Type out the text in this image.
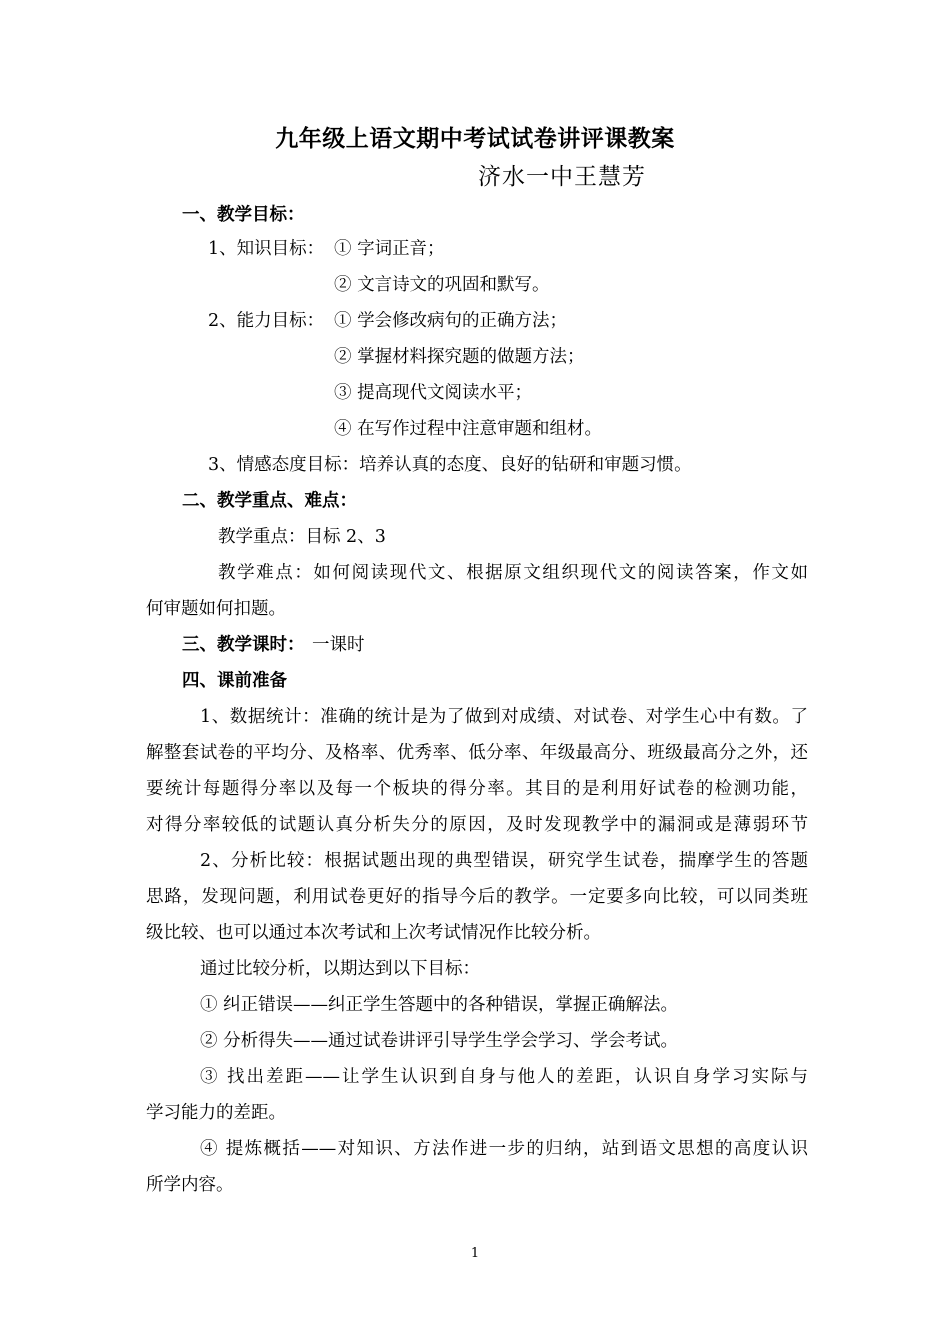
九年级上语文期中考试试卷讲评课教案
济水一中王慧芳
一、教学目标：
1、知识目标： ① 字词正音；
② 文言诗文的巩固和默写。
2、能力目标： ① 学会修改病句的正确方法；
② 掌握材料探究题的做题方法；
③ 提高现代文阅读水平；
④ 在写作过程中注意审题和组材。
3、情感态度目标：培养认真的态度、良好的钻研和审题习惯。
二、教学重点、难点：
教学重点：目标 2、3
教学难点：如何阅读现代文、根据原文组织现代文的阅读答案，作文如
何审题如何扣题。
三、教学课时： 一课时
四、课前准备
1、数据统计：准确的统计是为了做到对成绩、对试卷、对学生心中有数。了
解整套试卷的平均分、及格率、优秀率、低分率、年级最高分、班级最高分之外，还
要统计每题得分率以及每一个板块的得分率。其目的是利用好试卷的检测功能，
对得分率较低的试题认真分析失分的原因，及时发现教学中的漏洞或是薄弱环节
2、分析比较：根据试题出现的典型错误，研究学生试卷，揣摩学生的答题
思路，发现问题，利用试卷更好的指导今后的教学。一定要多向比较，可以同类班
级比较、也可以通过本次考试和上次考试情况作比较分析。
通过比较分析，以期达到以下目标：
① 纠正错误——纠正学生答题中的各种错误，掌握正确解法。
② 分析得失——通过试卷讲评引导学生学会学习、学会考试。
③ 找出差距——让学生认识到自身与他人的差距，认识自身学习实际与
学习能力的差距。
④ 提炼概括——对知识、方法作进一步的归纳，站到语文思想的高度认识
所学内容。
1
